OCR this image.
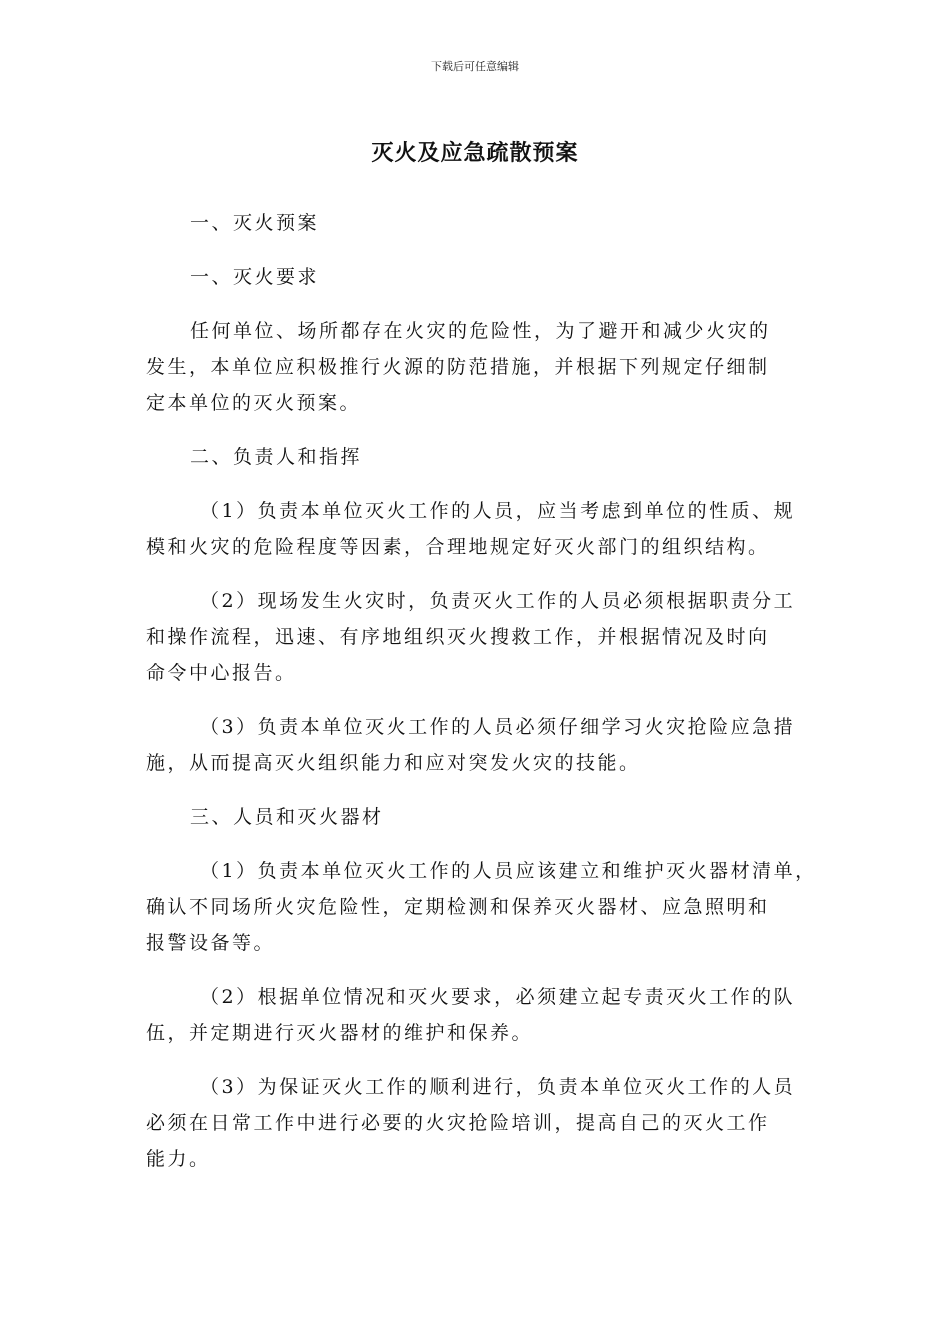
下载后可任意编辑
灭火及应急疏散预案
一、灭火预案
一、灭火要求
任何单位、场所都存在火灾的危险性，为了避开和减少火灾的
发生，本单位应积极推行火源的防范措施，并根据下列规定仔细制
定本单位的灭火预案。
二、负责人和指挥
（1）负责本单位灭火工作的人员，应当考虑到单位的性质、规
模和火灾的危险程度等因素，合理地规定好灭火部门的组织结构。
（2）现场发生火灾时，负责灭火工作的人员必须根据职责分工
和操作流程，迅速、有序地组织灭火搜救工作，并根据情况及时向
命令中心报告。
（3）负责本单位灭火工作的人员必须仔细学习火灾抢险应急措
施，从而提高灭火组织能力和应对突发火灾的技能。
三、人员和灭火器材
（1）负责本单位灭火工作的人员应该建立和维护灭火器材清单，
确认不同场所火灾危险性，定期检测和保养灭火器材、应急照明和
报警设备等。
（2）根据单位情况和灭火要求，必须建立起专责灭火工作的队
伍，并定期进行灭火器材的维护和保养。
（3）为保证灭火工作的顺利进行，负责本单位灭火工作的人员
必须在日常工作中进行必要的火灾抢险培训，提高自己的灭火工作
能力。
